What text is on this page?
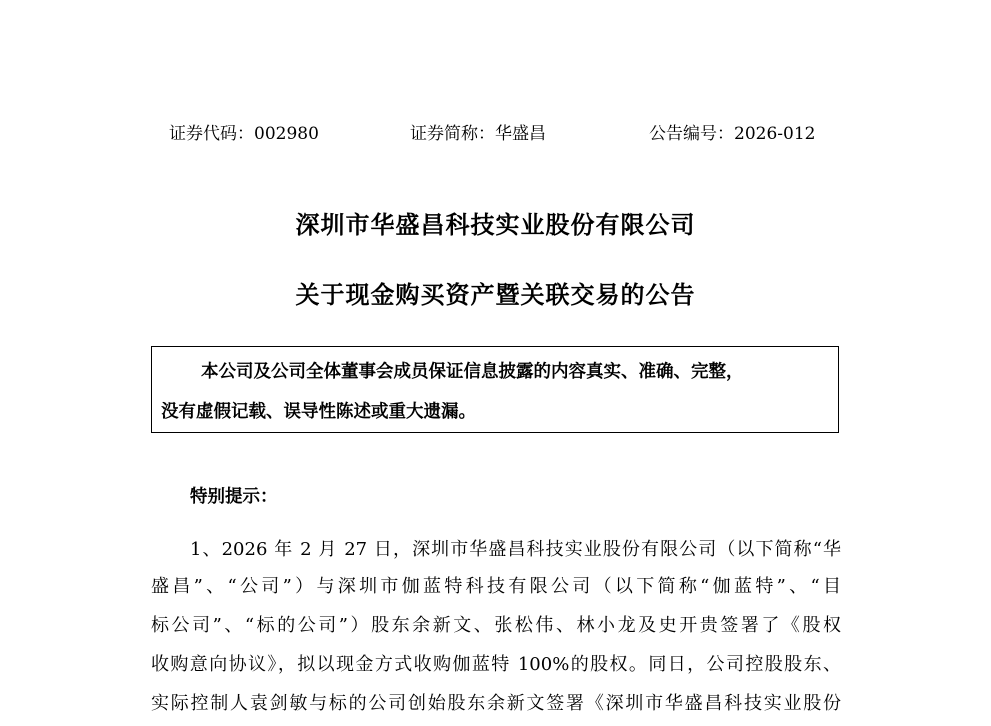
证券代码：002980	证券简称：华盛昌	公告编号：2026-012
深圳市华盛昌科技实业股份有限公司
关于现金购买资产暨关联交易的公告
本公司及公司全体董事会成员保证信息披露的内容真实、准确、完整，
没有虚假记载、误导性陈述或重大遗漏。
特别提示：
1、2026 年 2 月 27 日，深圳市华盛昌科技实业股份有限公司（以下简称“华
盛昌”、“公司”）与深圳市伽蓝特科技有限公司（以下简称“伽蓝特”、“目
标公司”、“标的公司”）股东余新文、张松伟、林小龙及史开贵签署了《股权
收购意向协议》，拟以现金方式收购伽蓝特 100%的股权。同日，公司控股股东、
实际控制人袁剑敏与标的公司创始股东余新文签署《深圳市华盛昌科技实业股份
